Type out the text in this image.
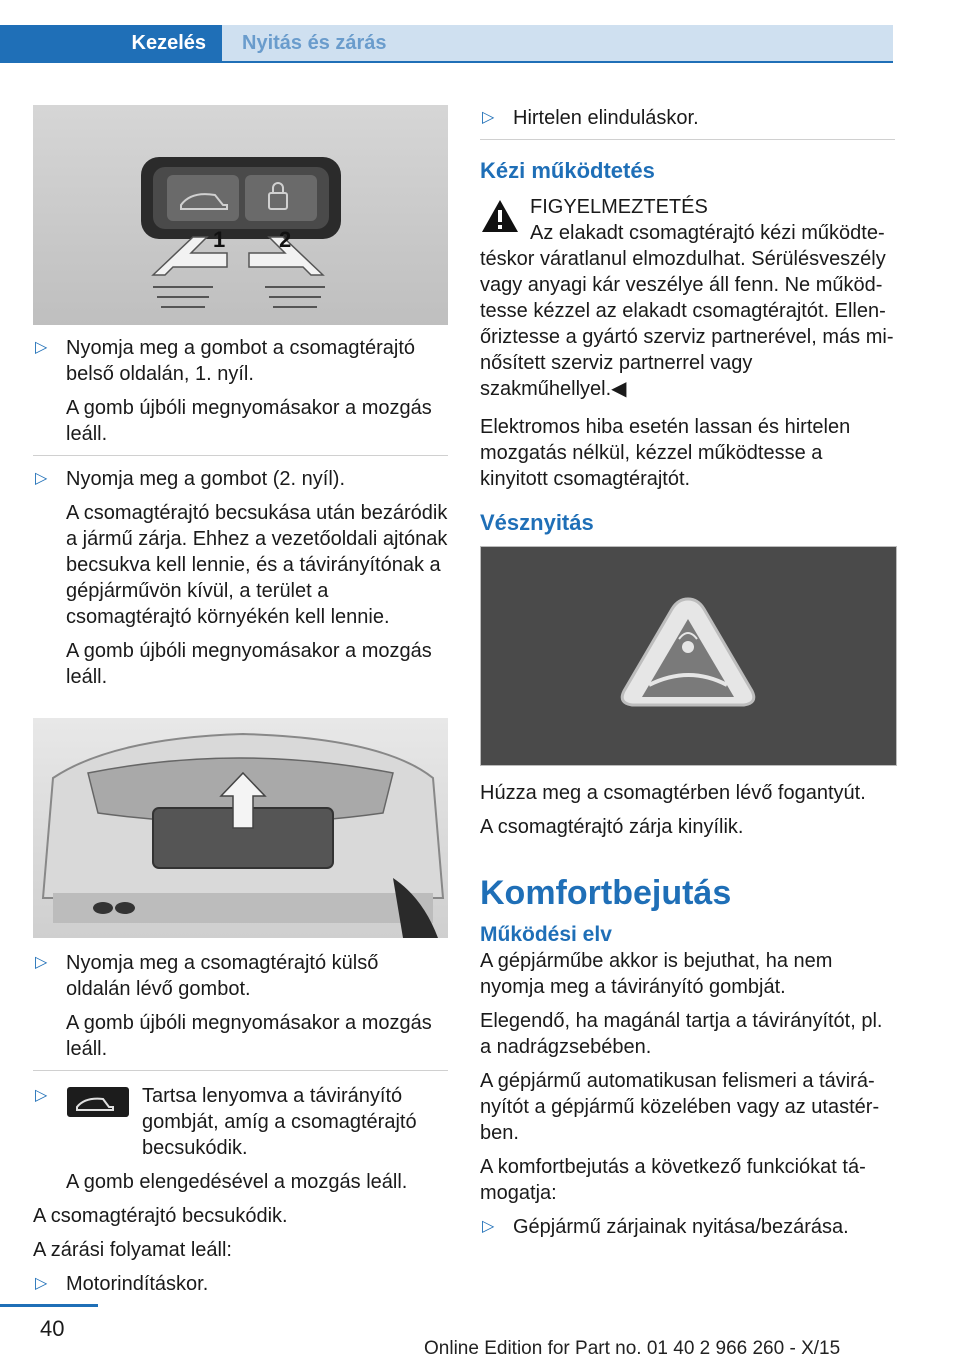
Kezelés	Nyitás és zárás
1 2
▷ Nyomja meg a gombot a csomagtérajtó belső oldalán, 1. nyíl.

A gomb újbóli megnyomásakor a mozgás leáll.

▷ Nyomja meg a gombot (2. nyíl).

A csomagtérajtó becsukása után bezáródik a jármű zárja. Ehhez a vezetőoldali ajtónak becsukva kell lennie, és a távirányítónak a gépjárművön kívül, a terület a csomagtérajtó környékén kell lennie.

A gomb újbóli megnyomásakor a mozgás leáll.

▷ Nyomja meg a csomagtérajtó külső oldalán lévő gombot.

A gomb újbóli megnyomásakor a mozgás leáll.

▷	Tartsa lenyomva a távirányító gombját, amíg a csomagtérajtó becsukódik.

A gomb elengedésével a mozgás leáll.

A csomagtérajtó becsukódik.

A zárási folyamat leáll:

▷ Motorindításkor.

▷ Hirtelen elinduláskor.

Kézi működtetés
FIGYELMEZTETÉS

Az elakadt csomagtérajtó kézi működtetéskor váratlanul elmozdulhat. Sérülésveszély vagy anyagi kár veszélye áll fenn. Ne működtesse kézzel az elakadt csomagtérajtót. Ellenőriztesse a gyártó szerviz partnerével, más minősített szerviz partnerrel vagy szakműhellyel.◀

Elektromos hiba esetén lassan és hirtelen mozgatás nélkül, kézzel működtesse a kinyitott csomagtérajtót.

Vésznyitás

Húzza meg a csomagtérben lévő fogantyút.

A csomagtérajtó zárja kinyílik.

Komfortbejutás
Működési elv

A gépjárműbe akkor is bejuthat, ha nem nyomja meg a távirányító gombját.

Elegendő, ha magánál tartja a távirányítót, pl. a nadrágzsebében.

A gépjármű automatikusan felismeri a távirányítót a gépjármű közelében vagy az utastérben.

A komfortbejutás a következő funkciókat támogatja:

▷ Gépjármű zárjainak nyitása/bezárása.

40
Online Edition for Part no. 01 40 2 966 260 - X/15
